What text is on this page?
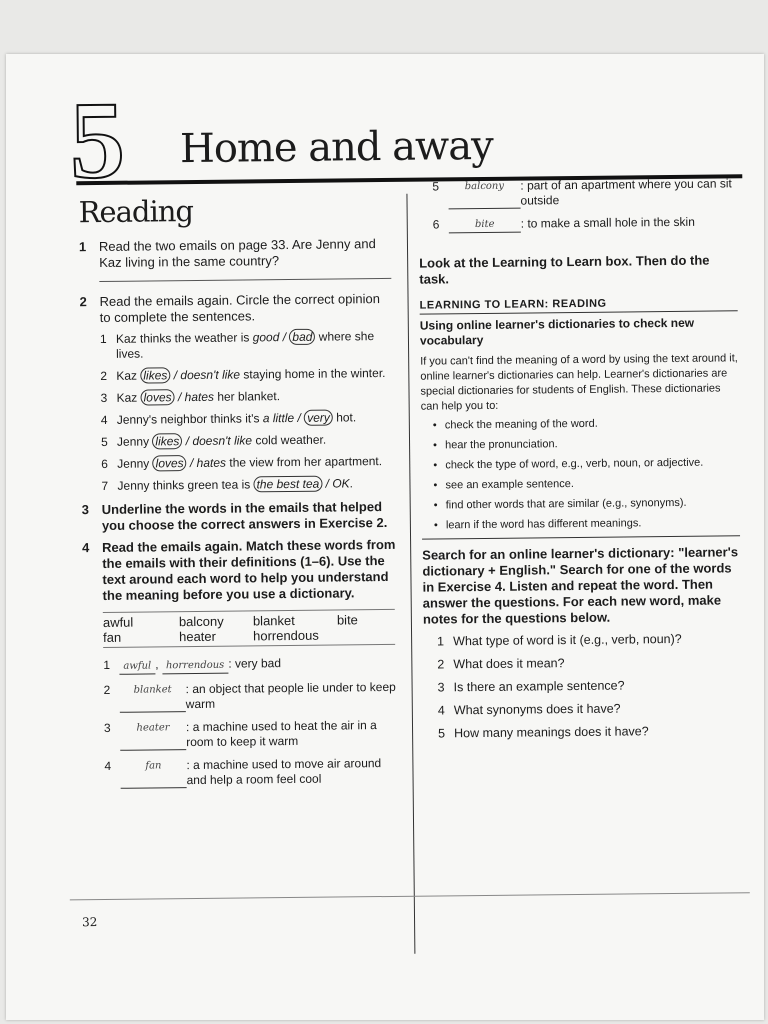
5 Home and away
Reading
1 Read the two emails on page 33. Are Jenny and Kaz living in the same country?
2 Read the emails again. Circle the correct opinion to complete the sentences.
1 Kaz thinks the weather is good / bad where she lives.
2 Kaz likes / doesn't like staying home in the winter.
3 Kaz loves / hates her blanket.
4 Jenny's neighbor thinks it's a little / very hot.
5 Jenny likes / doesn't like cold weather.
6 Jenny loves / hates the view from her apartment.
7 Jenny thinks green tea is the best tea / OK.
3 Underline the words in the emails that helped you choose the correct answers in Exercise 2.
4 Read the emails again. Match these words from the emails with their definitions (1–6). Use the text around each word to help you understand the meaning before you use a dictionary.
awful	balcony	blanket	bite
fan	heater	horrendous
1	awful , horrendous : very bad
2	blanket	: an object that people lie under to keep warm
3	heater	: a machine used to heat the air in a room to keep it warm
4	fan	: a machine used to move air around and help a room feel cool
5	balcony	: part of an apartment where you can sit outside
6	bite	: to make a small hole in the skin
Look at the Learning to Learn box. Then do the task.
LEARNING TO LEARN: READING
Using online learner's dictionaries to check new vocabulary
If you can't find the meaning of a word by using the text around it, online learner's dictionaries can help. Learner's dictionaries are special dictionaries for students of English. These dictionaries can help you to:
• check the meaning of the word.
• hear the pronunciation.
• check the type of word, e.g., verb, noun, or adjective.
• see an example sentence.
• find other words that are similar (e.g., synonyms).
• learn if the word has different meanings.
Search for an online learner's dictionary: "learner's dictionary + English." Search for one of the words in Exercise 4. Listen and repeat the word. Then answer the questions. For each new word, make notes for the questions below.
1 What type of word is it (e.g., verb, noun)?
2 What does it mean?
3 Is there an example sentence?
4 What synonyms does it have?
5 How many meanings does it have?
32
